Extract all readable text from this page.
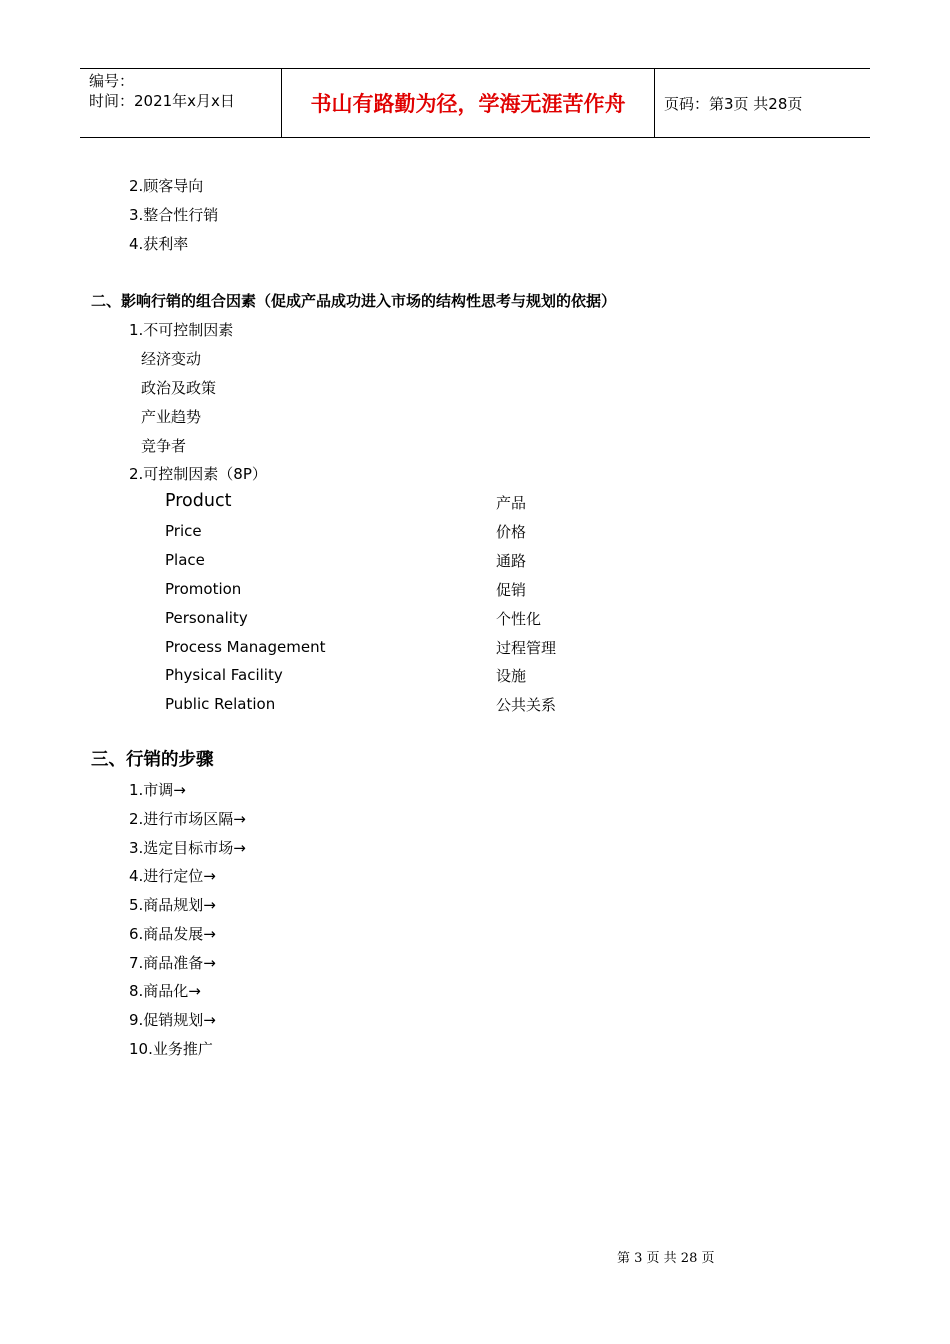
编号：
时间：2021年x月x日	书山有路勤为径，学海无涯苦作舟	页码：第3页 共28页
2.顾客导向
3.整合性行销
4.获利率
二、影响行销的组合因素（促成产品成功进入市场的结构性思考与规划的依据）
1.不可控制因素
经济变动
政治及政策
产业趋势
竞争者
2.可控制因素（8P）
Product	产品
Price	价格
Place	通路
Promotion	促销
Personality	个性化
Process Management	过程管理
Physical Facility	设施
Public Relation	公共关系
三、行销的步骤
1.市调→
2.进行市场区隔→
3.选定目标市场→
4.进行定位→
5.商品规划→
6.商品发展→
7.商品准备→
8.商品化→
9.促销规划→
10.业务推广
第 3 页 共 28 页
